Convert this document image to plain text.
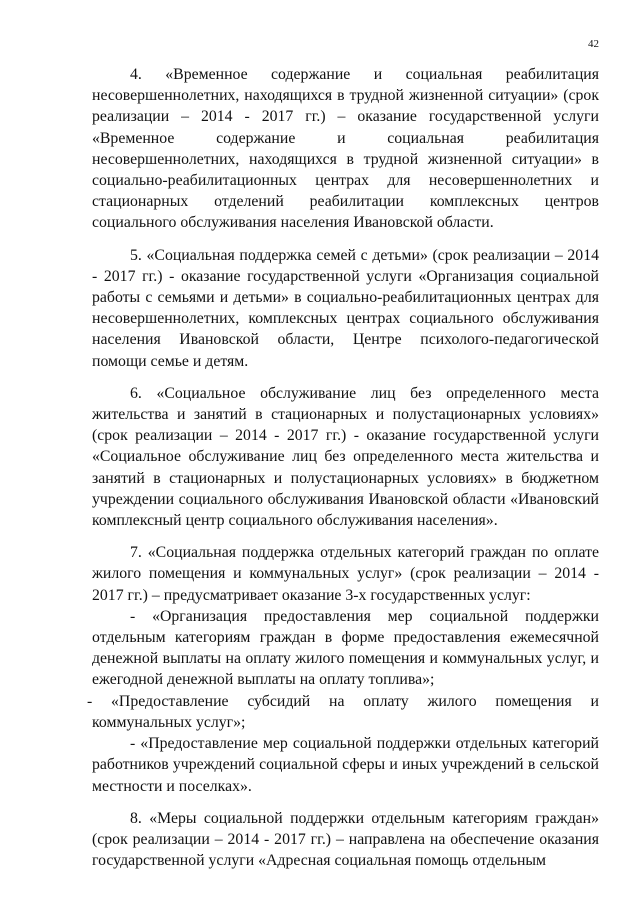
42

4. «Временное содержание и социальная реабилитация несовершеннолетних, находящихся в трудной жизненной ситуации» (срок реализации – 2014 - 2017 гг.) – оказание государственной услуги «Временное содержание и социальная реабилитация несовершеннолетних, находящихся в трудной жизненной ситуации» в социально-реабилитационных центрах для несовершеннолетних и стационарных отделений реабилитации комплексных центров социального обслуживания населения Ивановской области.

5. «Социальная поддержка семей с детьми» (срок реализации – 2014 - 2017 гг.) - оказание государственной услуги «Организация социальной работы с семьями и детьми» в социально-реабилитационных центрах для несовершеннолетних, комплексных центрах социального обслуживания населения Ивановской области, Центре психолого-педагогической помощи семье и детям.

6. «Социальное обслуживание лиц без определенного места жительства и занятий в стационарных и полустационарных условиях» (срок реализации – 2014 - 2017 гг.) - оказание государственной услуги «Социальное обслуживание лиц без определенного места жительства и занятий в стационарных и полустационарных условиях» в бюджетном учреждении социального обслуживания Ивановской области «Ивановский комплексный центр социального обслуживания населения».

7. «Социальная поддержка отдельных категорий граждан по оплате жилого помещения и коммунальных услуг» (срок реализации – 2014 - 2017 гг.) – предусматривает оказание 3-х государственных услуг:

- «Организация предоставления мер социальной поддержки отдельным категориям граждан в форме предоставления ежемесячной денежной выплаты на оплату жилого помещения и коммунальных услуг, и ежегодной денежной выплаты на оплату топлива»;

- «Предоставление субсидий на оплату жилого помещения и коммунальных услуг»;

- «Предоставление мер социальной поддержки отдельных категорий работников учреждений социальной сферы и иных учреждений в сельской местности и поселках».

8. «Меры социальной поддержки отдельным категориям граждан» (срок реализации – 2014 - 2017 гг.) – направлена на обеспечение оказания государственной услуги «Адресная социальная помощь отдельным
